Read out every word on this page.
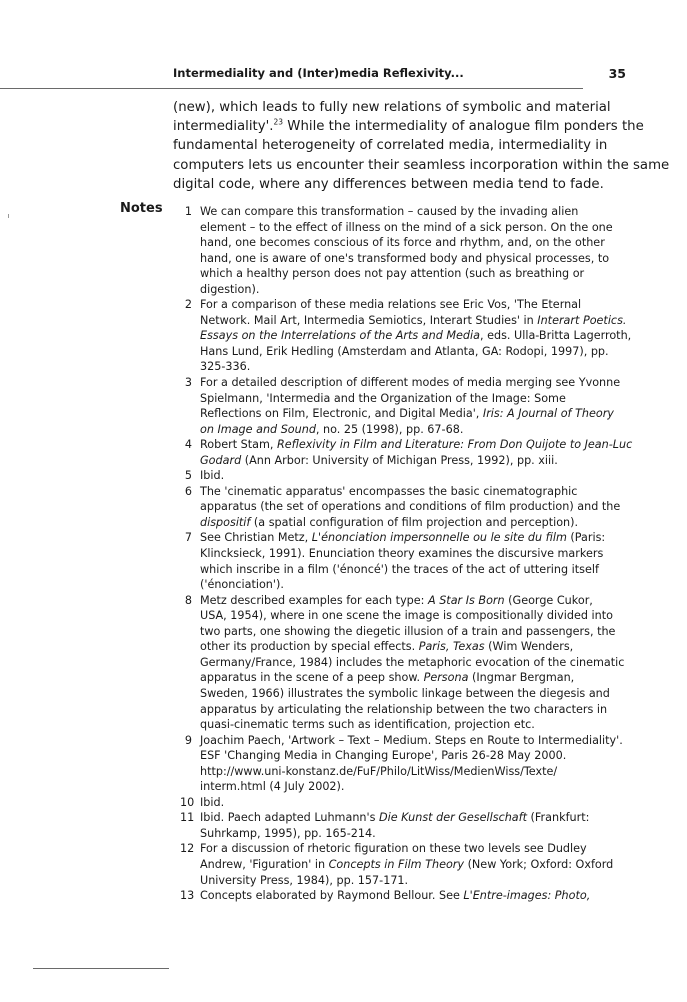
Intermediality and (Inter)media Reflexivity...	35
(new), which leads to fully new relations of symbolic and material
intermediality'.$^{23}$ While the intermediality of analogue film ponders the
fundamental heterogeneity of correlated media, intermediality in
computers lets us encounter their seamless incorporation within the same
digital code, where any differences between media tend to fade.
Notes	1 We can compare this transformation – caused by the invading alien
element – to the effect of illness on the mind of a sick person. On the one
hand, one becomes conscious of its force and rhythm, and, on the other
hand, one is aware of one's transformed body and physical processes, to
which a healthy person does not pay attention (such as breathing or
digestion).
2 For a comparison of these media relations see Eric Vos, 'The Eternal
Network. Mail Art, Intermedia Semiotics, Interart Studies' in Interart Poetics.
Essays on the Interrelations of the Arts and Media, eds. Ulla-Britta Lagerroth,
Hans Lund, Erik Hedling (Amsterdam and Atlanta, GA: Rodopi, 1997), pp.
325-336.
3 For a detailed description of different modes of media merging see Yvonne
Spielmann, 'Intermedia and the Organization of the Image: Some
Reflections on Film, Electronic, and Digital Media', Iris: A Journal of Theory
on Image and Sound, no. 25 (1998), pp. 67-68.
4 Robert Stam, Reflexivity in Film and Literature: From Don Quijote to Jean-Luc
Godard (Ann Arbor: University of Michigan Press, 1992), pp. xiii.
5 Ibid.
6 The 'cinematic apparatus' encompasses the basic cinematographic
apparatus (the set of operations and conditions of film production) and the
dispositif (a spatial configuration of film projection and perception).
7 See Christian Metz, L'énonciation impersonnelle ou le site du film (Paris:
Klincksieck, 1991). Enunciation theory examines the discursive markers
which inscribe in a film ('énoncé') the traces of the act of uttering itself
('énonciation').
8 Metz described examples for each type: A Star Is Born (George Cukor,
USA, 1954), where in one scene the image is compositionally divided into
two parts, one showing the diegetic illusion of a train and passengers, the
other its production by special effects. Paris, Texas (Wim Wenders,
Germany/France, 1984) includes the metaphoric evocation of the cinematic
apparatus in the scene of a peep show. Persona (Ingmar Bergman,
Sweden, 1966) illustrates the symbolic linkage between the diegesis and
apparatus by articulating the relationship between the two characters in
quasi-cinematic terms such as identification, projection etc.
9 Joachim Paech, 'Artwork – Text – Medium. Steps en Route to Intermediality'.
ESF 'Changing Media in Changing Europe', Paris 26-28 May 2000.
http://www.uni-konstanz.de/FuF/Philo/LitWiss/MedienWiss/Texte/
interm.html (4 July 2002).
10 Ibid.
11 Ibid. Paech adapted Luhmann's Die Kunst der Gesellschaft (Frankfurt:
Suhrkamp, 1995), pp. 165-214.
12 For a discussion of rhetoric figuration on these two levels see Dudley
Andrew, 'Figuration' in Concepts in Film Theory (New York; Oxford: Oxford
University Press, 1984), pp. 157-171.
13 Concepts elaborated by Raymond Bellour. See L'Entre-images: Photo,
